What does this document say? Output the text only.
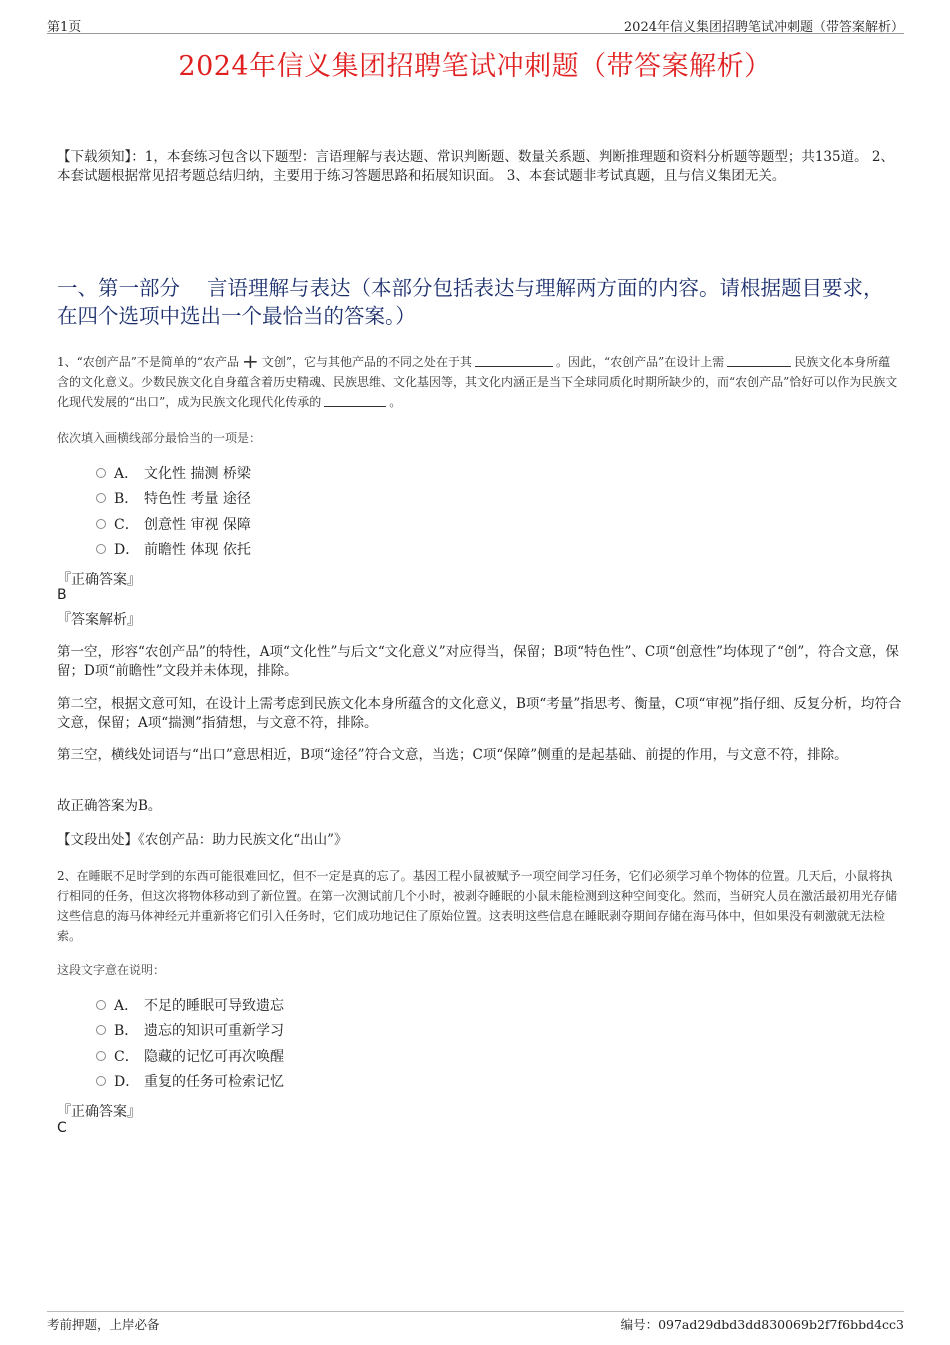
第1页	2024年信义集团招聘笔试冲刺题（带答案解析）
2024年信义集团招聘笔试冲刺题（带答案解析）
【下载须知】：1，本套练习包含以下题型：言语理解与表达题、常识判断题、数量关系题、判断推理题和资料分析题等题型；共135道。 2、本套试题根据常见招考题总结归纳，主要用于练习答题思路和拓展知识面。 3、本套试题非考试真题，且与信义集团无关。
一、第一部分　 言语理解与表达（本部分包括表达与理解两方面的内容。请根据题目要求，在四个选项中选出一个最恰当的答案。）
1、“农创产品”不是简单的“农产品 + 文创”，它与其他产品的不同之处在于其	。因此，“农创产品”在设计上需	民族文化本身所蕴含的文化意义。少数民族文化自身蕴含着历史精魂、民族思维、文化基因等，其文化内涵正是当下全球同质化时期所缺少的，而“农创产品”恰好可以作为民族文化现代发展的“出口”，成为民族文化现代化传承的	。
依次填入画横线部分最恰当的一项是：
A． 文化性 揣测 桥梁
B． 特色性 考量 途径
C． 创意性 审视 保障
D． 前瞻性 体现 依托
『正确答案』
B
『答案解析』
第一空，形容“农创产品”的特性，A项“文化性”与后文“文化意义”对应得当，保留；B项“特色性”、C项“创意性”均体现了“创”，符合文意，保留；D项“前瞻性”文段并未体现，排除。
第二空，根据文意可知，在设计上需考虑到民族文化本身所蕴含的文化意义，B项“考量”指思考、衡量，C项“审视”指仔细、反复分析，均符合文意，保留；A项“揣测”指猜想，与文意不符，排除。
第三空，横线处词语与“出口”意思相近，B项“途径”符合文意，当选；C项“保障”侧重的是起基础、前提的作用，与文意不符，排除。
故正确答案为B。
【文段出处】《农创产品：助力民族文化“出山”》
2、在睡眠不足时学到的东西可能很难回忆，但不一定是真的忘了。基因工程小鼠被赋予一项空间学习任务，它们必须学习单个物体的位置。几天后，小鼠将执行相同的任务，但这次将物体移动到了新位置。在第一次测试前几个小时，被剥夺睡眠的小鼠未能检测到这种空间变化。然而，当研究人员在激活最初用光存储这些信息的海马体神经元并重新将它们引入任务时，它们成功地记住了原始位置。这表明这些信息在睡眠剥夺期间存储在海马体中，但如果没有刺激就无法检索。
这段文字意在说明：
A． 不足的睡眠可导致遗忘
B． 遗忘的知识可重新学习
C． 隐藏的记忆可再次唤醒
D． 重复的任务可检索记忆
『正确答案』
C
考前押题，上岸必备	编号：097ad29dbd3dd830069b2f7f6bbd4cc3
